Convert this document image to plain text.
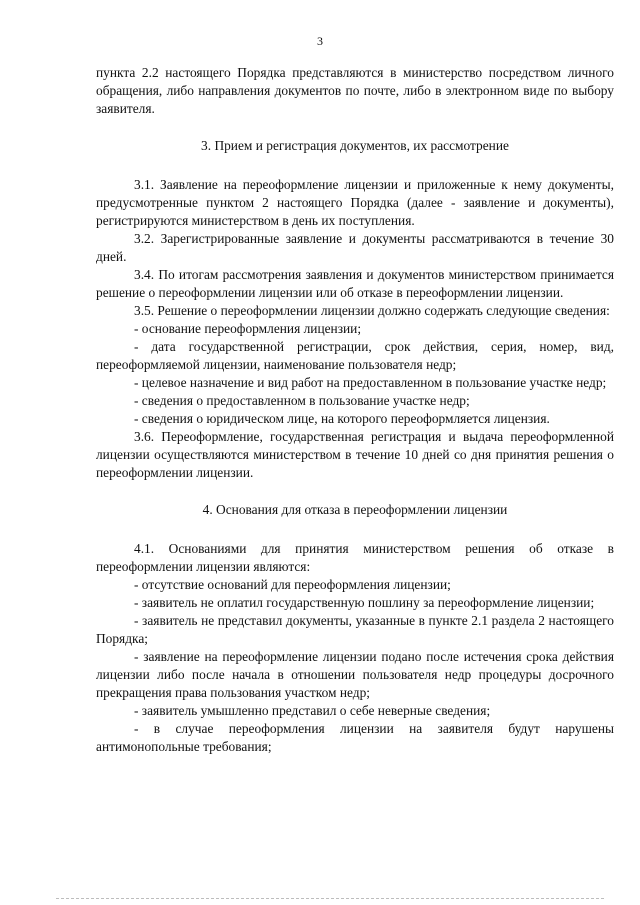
3

пункта 2.2 настоящего Порядка представляются в министерство посредством личного обращения, либо направления документов по почте, либо в электронном виде по выбору заявителя.

3. Прием и регистрация документов, их рассмотрение

3.1. Заявление на переоформление лицензии и приложенные к нему документы, предусмотренные пунктом 2 настоящего Порядка (далее - заявление и документы), регистрируются министерством в день их поступления.

3.2. Зарегистрированные заявление и документы рассматриваются в течение 30 дней.

3.4. По итогам рассмотрения заявления и документов министерством принимается решение о переоформлении лицензии или об отказе в переоформлении лицензии.

3.5. Решение о переоформлении лицензии должно содержать следующие сведения:

- основание переоформления лицензии;

- дата государственной регистрации, срок действия, серия, номер, вид, переоформляемой лицензии, наименование пользователя недр;

- целевое назначение и вид работ на предоставленном в пользование участке недр;

- сведения о предоставленном в пользование участке недр;

- сведения о юридическом лице, на которого переоформляется лицензия.

3.6. Переоформление, государственная регистрация и выдача переоформленной лицензии осуществляются министерством в течение 10 дней со дня принятия решения о переоформлении лицензии.

4. Основания для отказа в переоформлении лицензии

4.1. Основаниями для принятия министерством решения об отказе в переоформлении лицензии являются:

- отсутствие оснований для переоформления лицензии;

- заявитель не оплатил государственную пошлину за переоформление лицензии;

- заявитель не представил документы, указанные в пункте 2.1 раздела 2 настоящего Порядка;

- заявление на переоформление лицензии подано после истечения срока действия лицензии либо после начала в отношении пользователя недр процедуры досрочного прекращения права пользования участком недр;

- заявитель умышленно представил о себе неверные сведения;

- в случае переоформления лицензии на заявителя будут нарушены антимонопольные требования;
